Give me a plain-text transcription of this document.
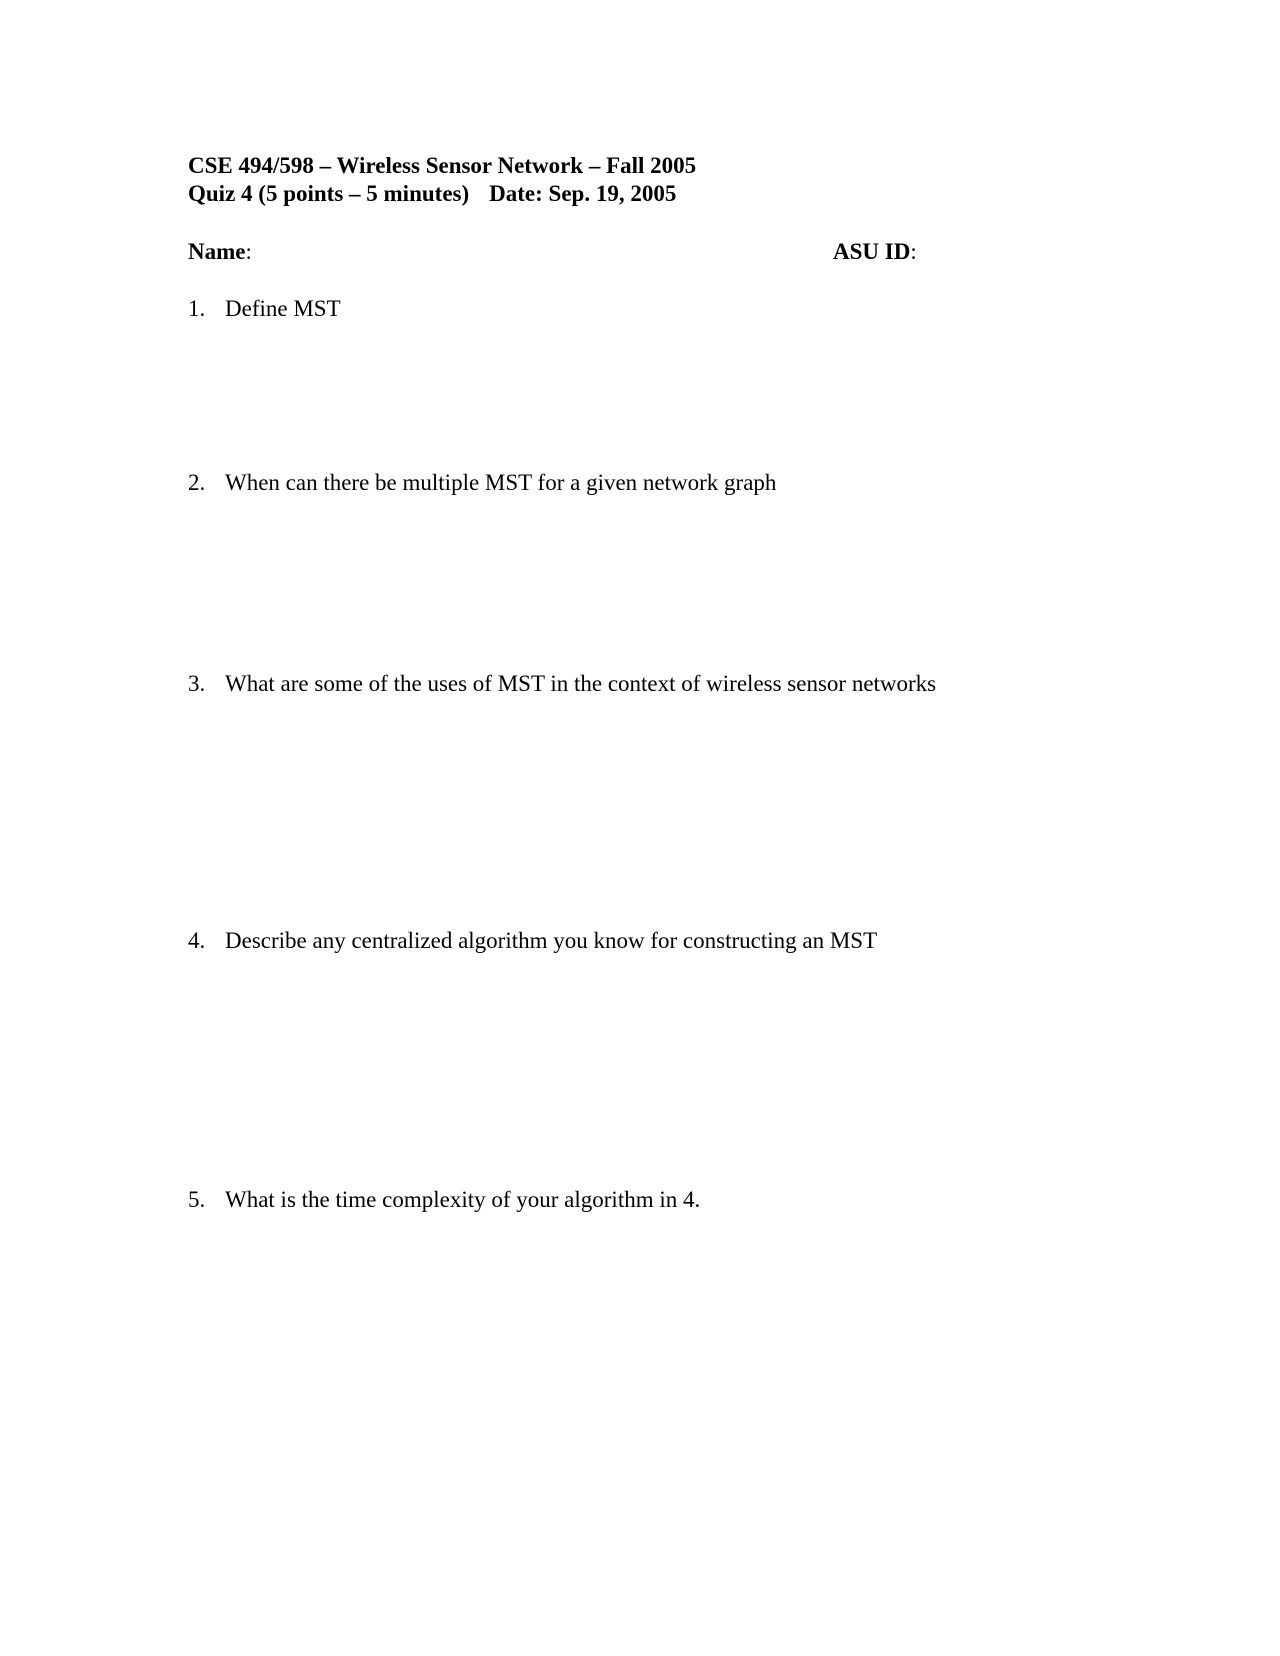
CSE 494/598 – Wireless Sensor Network – Fall 2005
Quiz 4 (5 points – 5 minutes) Date: Sep. 19, 2005
Name:	ASU ID:
1. Define MST
2. When can there be multiple MST for a given network graph
3. What are some of the uses of MST in the context of wireless sensor networks
4. Describe any centralized algorithm you know for constructing an MST
5. What is the time complexity of your algorithm in 4.
